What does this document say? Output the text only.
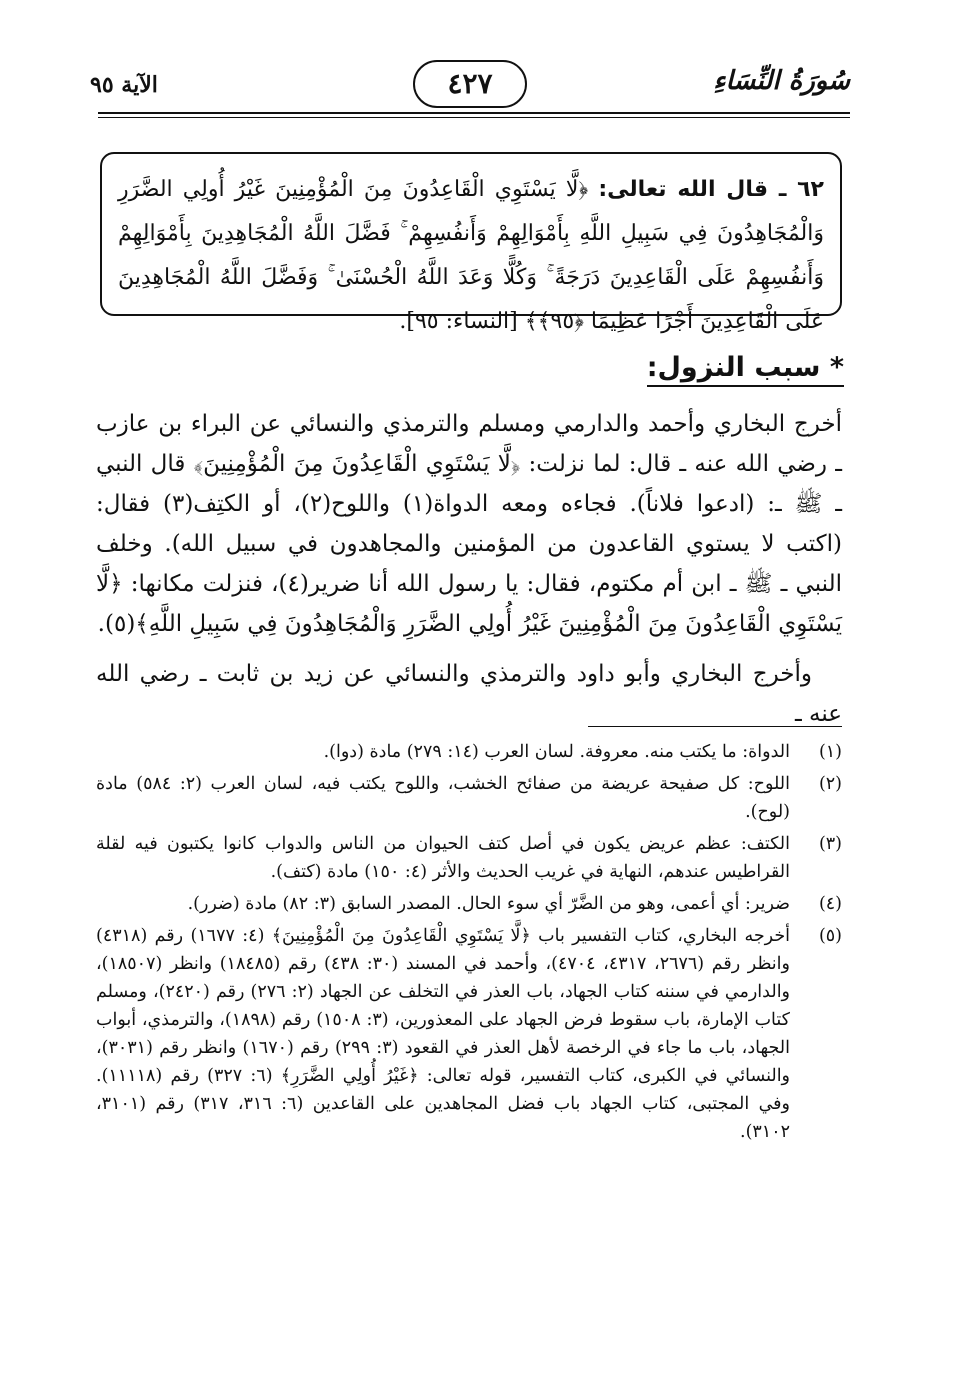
الآية ٩٥	٤٢٧	سُورَةُ النِّسَاءِ
٦٢ ـ قال الله تعالى: ﴿لَّا يَسْتَوِي الْقَاعِدُونَ مِنَ الْمُؤْمِنِينَ غَيْرُ أُولِي الضَّرَرِ وَالْمُجَاهِدُونَ فِي سَبِيلِ اللَّهِ بِأَمْوَالِهِمْ وَأَنفُسِهِمْ ۚ فَضَّلَ اللَّهُ الْمُجَاهِدِينَ بِأَمْوَالِهِمْ وَأَنفُسِهِمْ عَلَى الْقَاعِدِينَ دَرَجَةً ۚ وَكُلًّا وَعَدَ اللَّهُ الْحُسْنَىٰ ۚ وَفَضَّلَ اللَّهُ الْمُجَاهِدِينَ عَلَى الْقَاعِدِينَ أَجْرًا عَظِيمًا ﴿٩٥﴾﴾ [النساء: ٩٥].
* سبب النزول:

أخرج البخاري وأحمد والدارمي ومسلم والترمذي والنسائي عن البراء بن عازب ـ رضي الله عنه ـ قال: لما نزلت: ﴿لَّا يَسْتَوِي الْقَاعِدُونَ مِنَ الْمُؤْمِنِينَ﴾ قال النبي ـ ﷺ ـ: (ادعوا فلاناً). فجاءه ومعه الدواة(١) واللوح(٢)، أو الكتِف(٣) فقال: (اكتب لا يستوي القاعدون من المؤمنين والمجاهدون في سبيل الله). وخلف النبي ـ ﷺ ـ ابن أم مكتوم، فقال: يا رسول الله أنا ضرير(٤)، فنزلت مكانها: ﴿لَّا يَسْتَوِي الْقَاعِدُونَ مِنَ الْمُؤْمِنِينَ غَيْرُ أُولِي الضَّرَرِ وَالْمُجَاهِدُونَ فِي سَبِيلِ اللَّهِ﴾(٥).

وأخرج البخاري وأبو داود والترمذي والنسائي عن زيد بن ثابت ـ رضي الله عنه ـ

(١)
الدواة: ما يكتب منه. معروفة. لسان العرب (١٤: ٢٧٩) مادة (دوا).
(٢)
اللوح: كل صفيحة عريضة من صفائح الخشب، واللوح يكتب فيه، لسان العرب (٢: ٥٨٤) مادة (لوح).
(٣)
الكتف: عظم عريض يكون في أصل كتف الحيوان من الناس والدواب كانوا يكتبون فيه لقلة القراطيس عندهم، النهاية في غريب الحديث والأثر (٤: ١٥٠) مادة (كتف).
(٤)
ضرير: أي أعمى، وهو من الضَّرّ أي سوء الحال. المصدر السابق (٣: ٨٢) مادة (ضرر).
(٥)
أخرجه البخاري، كتاب التفسير باب ﴿لَّا يَسْتَوِي الْقَاعِدُونَ مِنَ الْمُؤْمِنِينَ﴾ (٤: ١٦٧٧) رقم (٤٣١٨) وانظر رقم (٢٦٧٦، ٤٣١٧، ٤٧٠٤)، وأحمد في المسند (٣٠: ٤٣٨) رقم (١٨٤٨٥) وانظر (١٨٥٠٧)، والدارمي في سننه كتاب الجهاد، باب العذر في التخلف عن الجهاد (٢: ٢٧٦) رقم (٢٤٢٠)، ومسلم كتاب الإمارة، باب سقوط فرض الجهاد على المعذورين، (٣: ١٥٠٨) رقم (١٨٩٨)، والترمذي، أبواب الجهاد، باب ما جاء في الرخصة لأهل العذر في القعود (٣: ٢٩٩) رقم (١٦٧٠) وانظر رقم (٣٠٣١)، والنسائي في الكبرى، كتاب التفسير، قوله تعالى: ﴿غَيْرُ أُولِي الضَّرَرِ﴾ (٦: ٣٢٧) رقم (١١١١٨). وفي المجتبى، كتاب الجهاد باب فضل المجاهدين على القاعدين (٦: ٣١٦، ٣١٧) رقم (٣١٠١، ٣١٠٢).
